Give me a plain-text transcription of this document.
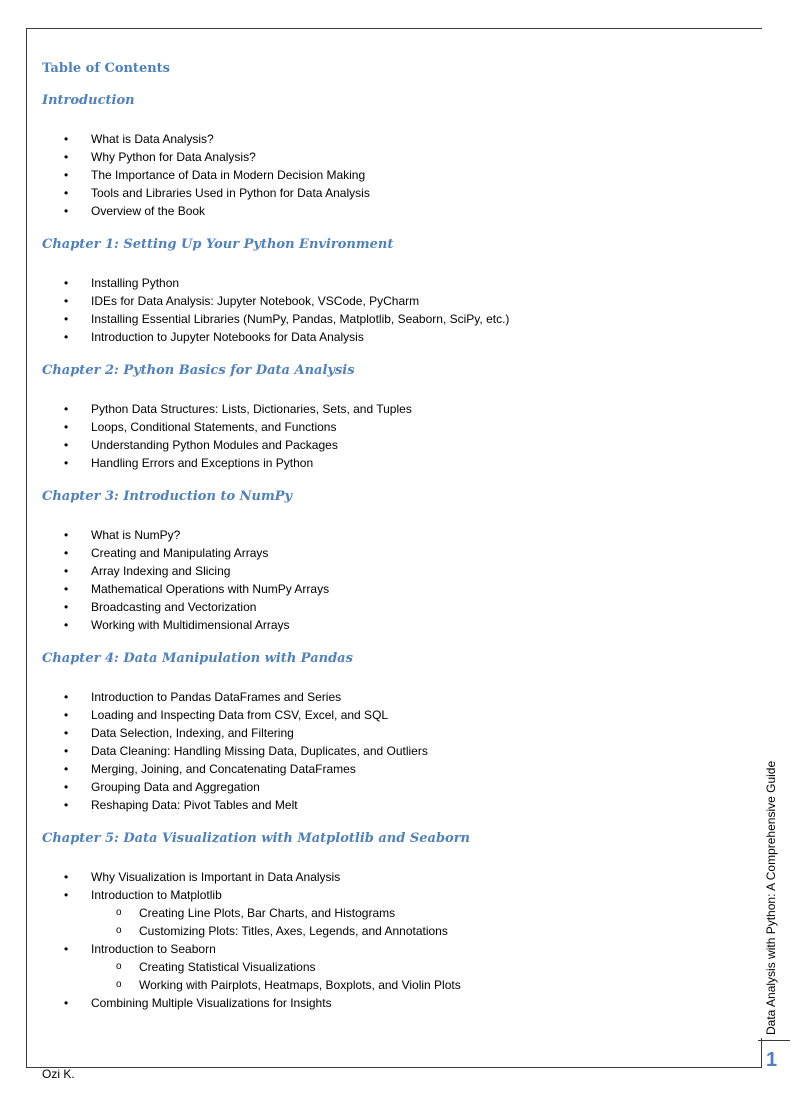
Table of Contents
Introduction
• What is Data Analysis?
• Why Python for Data Analysis?
• The Importance of Data in Modern Decision Making
• Tools and Libraries Used in Python for Data Analysis
• Overview of the Book
Chapter 1: Setting Up Your Python Environment
• Installing Python
• IDEs for Data Analysis: Jupyter Notebook, VSCode, PyCharm
• Installing Essential Libraries (NumPy, Pandas, Matplotlib, Seaborn, SciPy, etc.)
• Introduction to Jupyter Notebooks for Data Analysis
Chapter 2: Python Basics for Data Analysis
• Python Data Structures: Lists, Dictionaries, Sets, and Tuples
• Loops, Conditional Statements, and Functions
• Understanding Python Modules and Packages
• Handling Errors and Exceptions in Python
Chapter 3: Introduction to NumPy
• What is NumPy?
• Creating and Manipulating Arrays
• Array Indexing and Slicing
• Mathematical Operations with NumPy Arrays
• Broadcasting and Vectorization
• Working with Multidimensional Arrays
Chapter 4: Data Manipulation with Pandas
• Introduction to Pandas DataFrames and Series
• Loading and Inspecting Data from CSV, Excel, and SQL
• Data Selection, Indexing, and Filtering
• Data Cleaning: Handling Missing Data, Duplicates, and Outliers
• Merging, Joining, and Concatenating DataFrames
• Grouping Data and Aggregation
• Reshaping Data: Pivot Tables and Melt
Chapter 5: Data Visualization with Matplotlib and Seaborn
• Why Visualization is Important in Data Analysis
• Introduction to Matplotlib
o Creating Line Plots, Bar Charts, and Histograms
o Customizing Plots: Titles, Axes, Legends, and Annotations
• Introduction to Seaborn
o Creating Statistical Visualizations
o Working with Pairplots, Heatmaps, Boxplots, and Violin Plots
• Combining Multiple Visualizations for Insights
Ozi K.
Data Analysis with Python: A Comprehensive Guide
1
